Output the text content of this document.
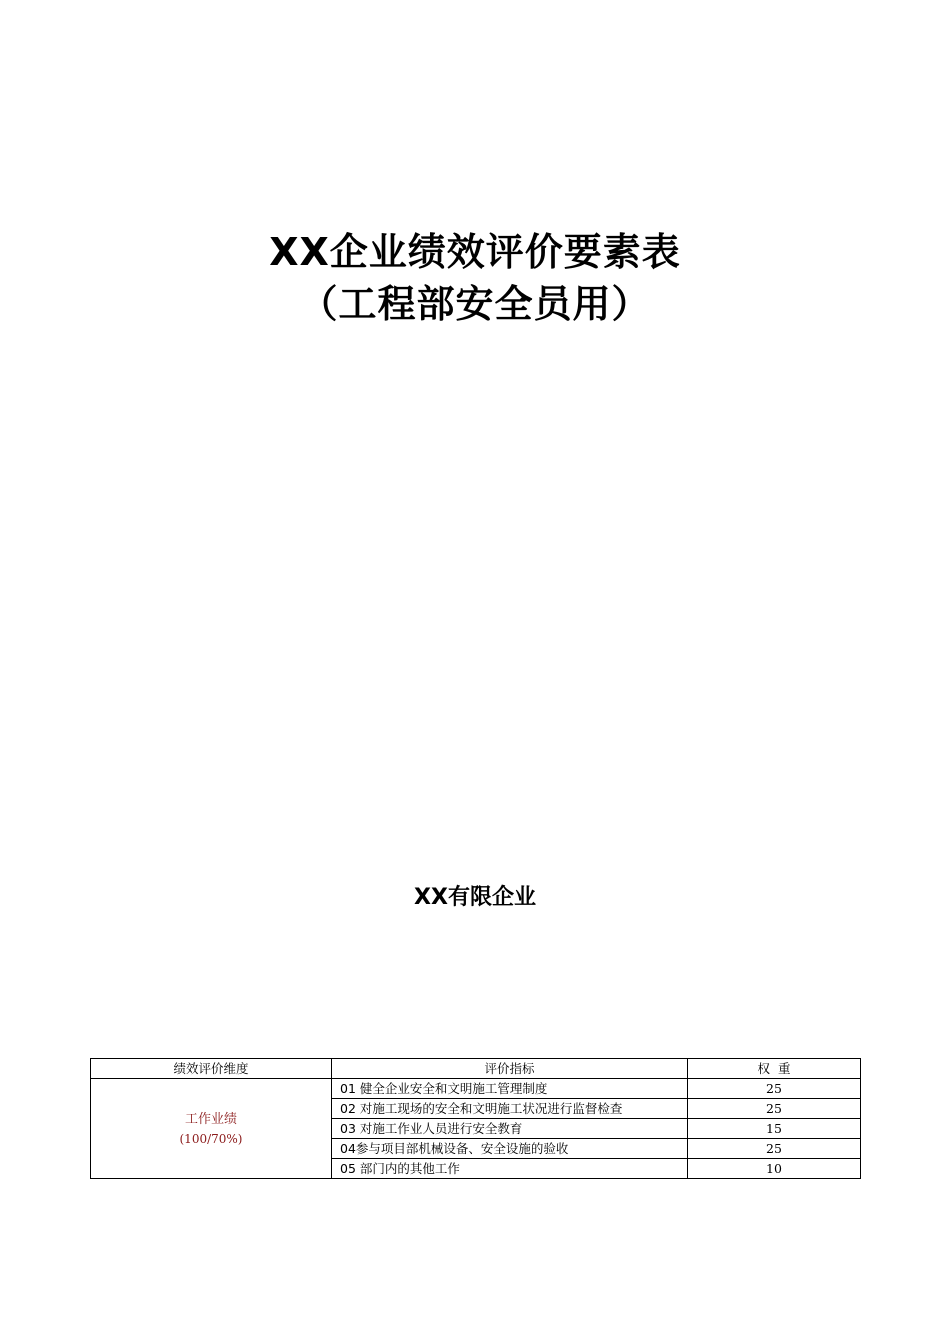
XX企业绩效评价要素表
（工程部安全员用）
XX有限企业
绩效评价维度	评价指标	权  重

工作业绩
(100/70%)	01 健全企业安全和文明施工管理制度	25
	02 对施工现场的安全和文明施工状况进行监督检查	25
	03 对施工作业人员进行安全教育	15
	04参与项目部机械设备、安全设施的验收	25
	05 部门内的其他工作	10
